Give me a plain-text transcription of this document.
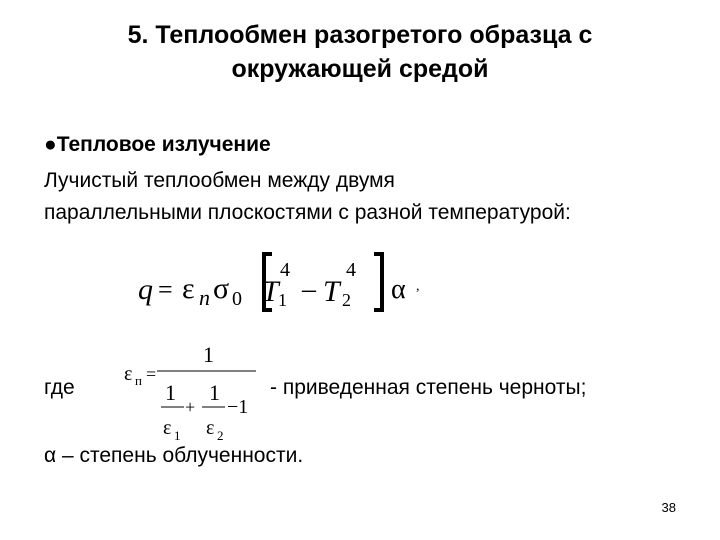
5. Теплообмен разогретого образца с
окружающей средой
●Тепловое излучение
Лучистый теплообмен между двумя
параллельными плоскостями с разной температурой:
q = ε n σ 0 T
4
1 – T
4
2 α ,
ε п =
1
1 1
+ −1
ε 1 ε 2
где	- приведенная степень черноты;
α – степень облученности.
38
